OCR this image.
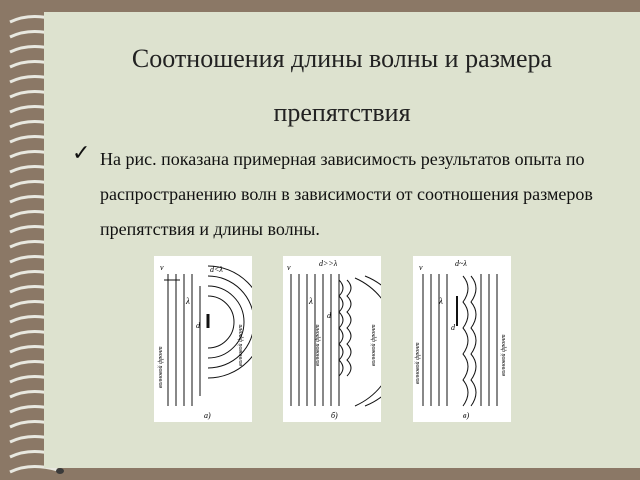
Соотношения длины волны и размера
препятствия
✓ На рис. показана примерная зависимость результатов опыта по распространению волн в зависимости от соотношения размеров препятствия и длины волны.
v	d<λ
λ
d
волновой фронт
волновой фронт
а)
v	d>>λ
λ
d
волновой фронт	волновой фронт
б)
v	d~λ
λ
d
волновой фронт	волновой фронт
в)
